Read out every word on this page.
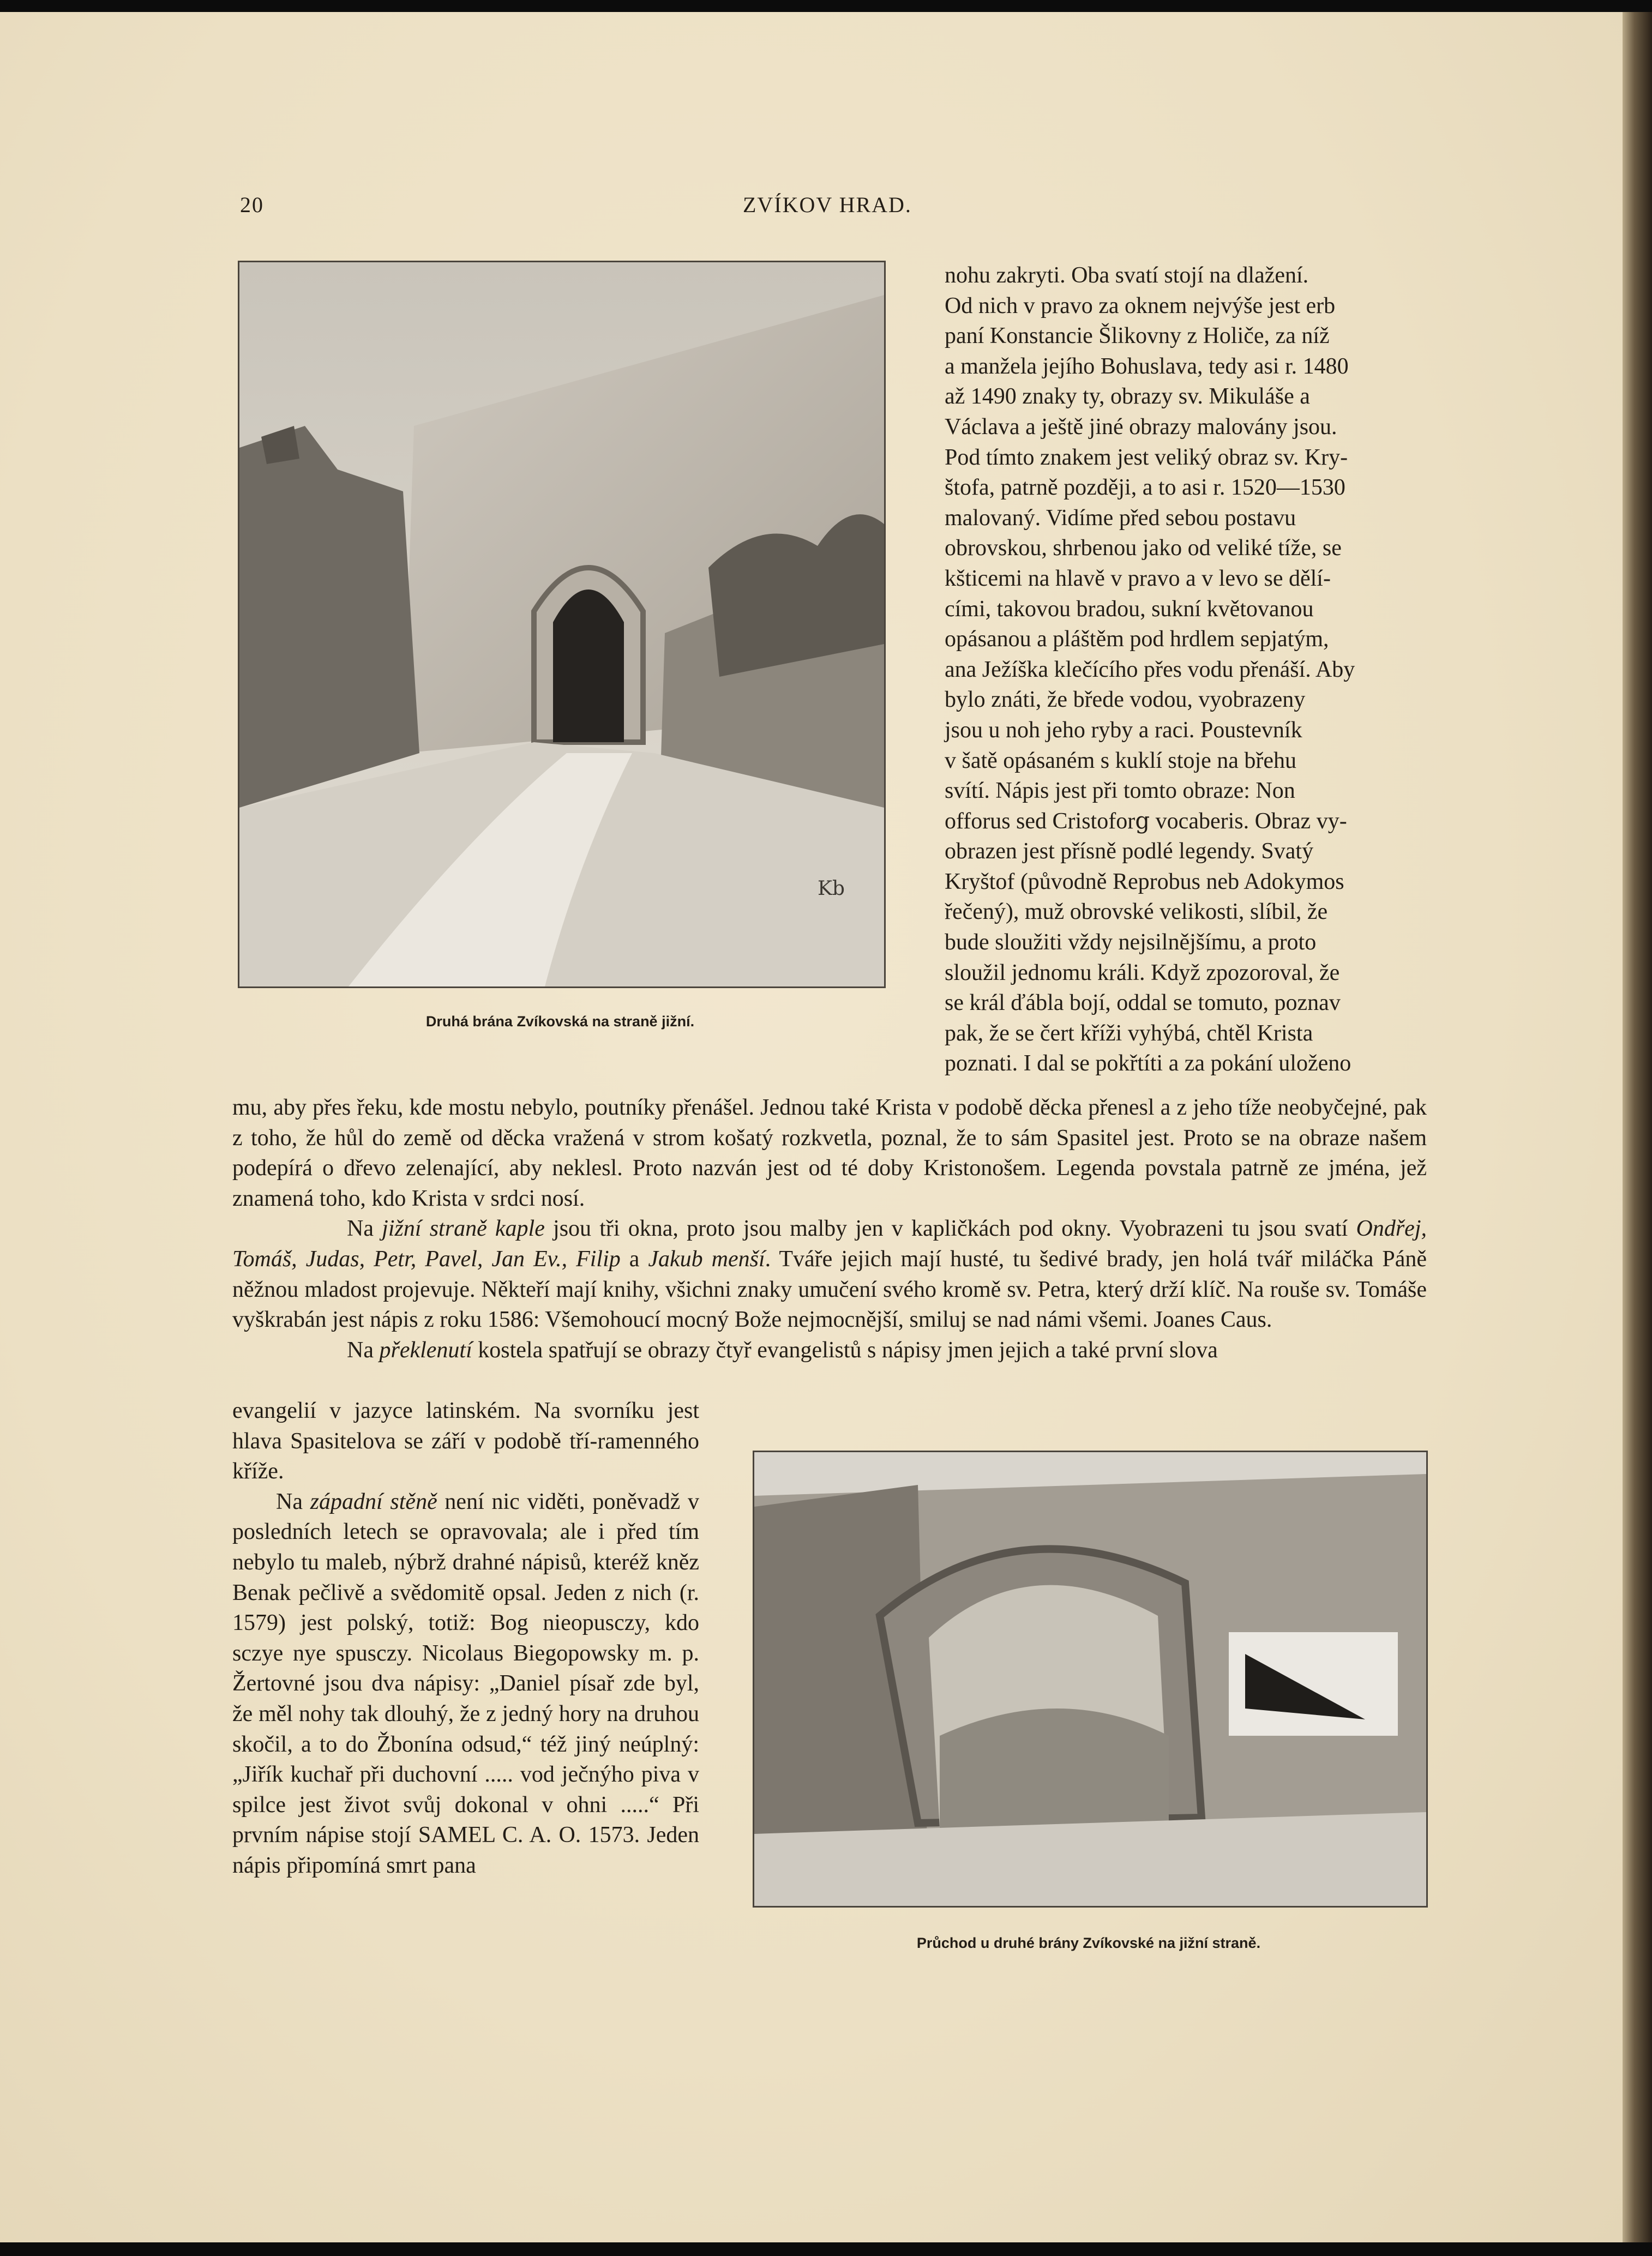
20	ZVÍKOV HRAD.
Kb
Druhá brána Zvíkovská na straně jižní.
nohu zakryti. Oba svatí stojí na dlažení.
Od nich v pravo za oknem nejvýše jest erb
paní Konstancie Šlikovny z Holiče, za níž
a manžela jejího Bohuslava, tedy asi r. 1480
až 1490 znaky ty, obrazy sv. Mikuláše a
Václava a ještě jiné obrazy malovány jsou.
Pod tímto znakem jest veliký obraz sv. Kry-
štofa, patrně později, a to asi r. 1520—1530
malovaný. Vidíme před sebou postavu
obrovskou, shrbenou jako od veliké tíže, se
kšticemi na hlavě v pravo a v levo se dělí-
cími, takovou bradou, sukní květovanou
opásanou a pláštěm pod hrdlem sepjatým,
ana Ježíška klečícího přes vodu přenáší. Aby
bylo znáti, že břede vodou, vyobrazeny
jsou u noh jeho ryby a raci. Poustevník
v šatě opásaném s kuklí stoje na břehu
svítí. Nápis jest při tomto obraze: Non
offorus sed Cristoforց vocaberis. Obraz vy-
obrazen jest přísně podlé legendy. Svatý
Kryštof (původně Reprobus neb Adokymos
řečený), muž obrovské velikosti, slíbil, že
bude sloužiti vždy nejsilnějšímu, a proto
sloužil jednomu králi. Když zpozoroval, že
se král ďábla bojí, oddal se tomuto, poznav
pak, že se čert kříži vyhýbá, chtěl Krista
poznati. I dal se pokřtíti a za pokání uloženo

mu, aby přes řeku, kde mostu nebylo, poutníky přenášel. Jednou také Krista v podobě děcka přenesl a z jeho tíže neobyčejné, pak z toho, že hůl do země od děcka vražená v strom košatý rozkvetla, poznal, že to sám Spasitel jest. Proto se na obraze našem podepírá o dřevo zelenající, aby neklesl. Proto nazván jest od té doby Kristonošem. Legenda povstala patrně ze jména, jež znamená toho, kdo Krista v srdci nosí.

Na jižní straně kaple jsou tři okna, proto jsou malby jen v kapličkách pod okny. Vyobrazeni tu jsou svatí Ondřej, Tomáš, Judas, Petr, Pavel, Jan Ev., Filip a Jakub menší. Tváře jejich mají husté, tu šedivé brady, jen holá tvář miláčka Páně něžnou mladost projevuje. Někteří mají knihy, všichni znaky umučení svého kromě sv. Petra, který drží klíč. Na rouše sv. Tomáše vyškrabán jest nápis z roku 1586: Všemohoucí mocný Bože nejmocnější, smiluj se nad námi všemi. Joanes Caus.

Na překlenutí kostela spatřují se obrazy čtyř evangelistů s nápisy jmen jejich a také první slova

evangelií v jazyce latinském. Na svorníku jest hlava Spasitelova se září v podobě tří-ramenného kříže.

Na západní stěně není nic viděti, poněvadž v posledních letech se opravovala; ale i před tím nebylo tu maleb, nýbrž drahné nápisů, kteréž kněz Benak pečlivě a svědomitě opsal. Jeden z nich (r. 1579) jest polský, totiž: Bog nieopusczy, kdo sczye nye spusczy. Nicolaus Biegopowsky m. p. Žertovné jsou dva nápisy: „Daniel písař zde byl, že měl nohy tak dlouhý, že z jedný hory na druhou skočil, a to do Žbonína odsud,“ též jiný neúplný: „Jiřík kuchař při duchovní ..... vod ječnýho piva v spilce jest život svůj dokonal v ohni .....“ Při prvním nápise stojí SAMEL C. A. O. 1573. Jeden nápis připomíná smrt pana

Průchod u druhé brány Zvíkovské na jižní straně.
